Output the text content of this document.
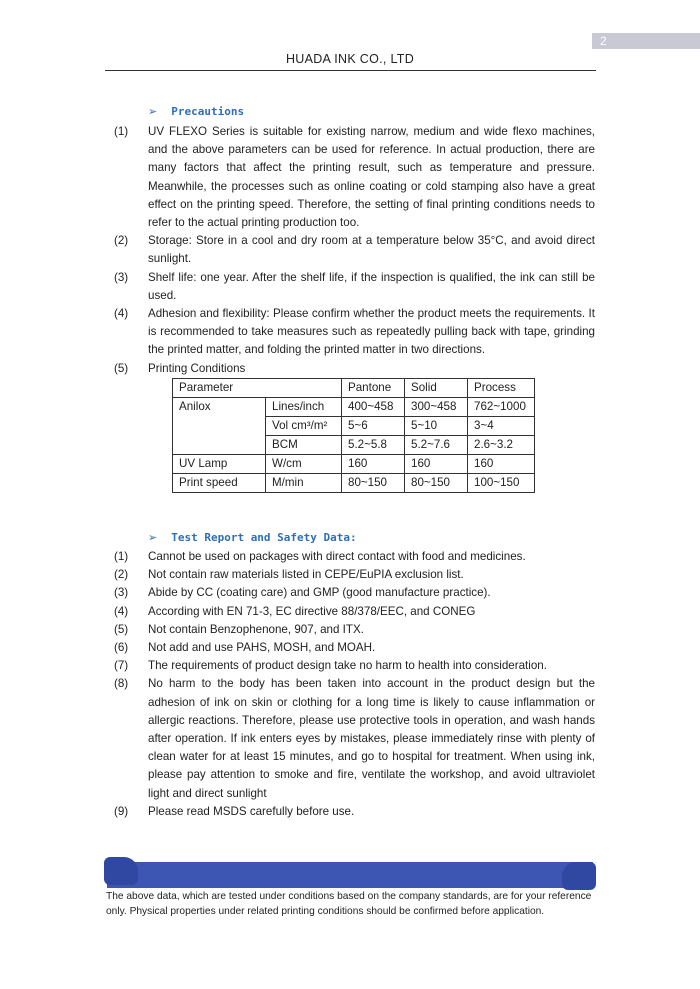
2
HUADA INK CO., LTD
➢ Precautions
(1) UV FLEXO Series is suitable for existing narrow, medium and wide flexo machines, and the above parameters can be used for reference. In actual production, there are many factors that affect the printing result, such as temperature and pressure. Meanwhile, the processes such as online coating or cold stamping also have a great effect on the printing speed. Therefore, the setting of final printing conditions needs to refer to the actual printing production too.
(2) Storage: Store in a cool and dry room at a temperature below 35°C, and avoid direct sunlight.
(3) Shelf life: one year. After the shelf life, if the inspection is qualified, the ink can still be used.
(4) Adhesion and flexibility: Please confirm whether the product meets the requirements. It is recommended to take measures such as repeatedly pulling back with tape, grinding the printed matter, and folding the printed matter in two directions.
(5) Printing Conditions
Parameter		Pantone	Solid	Process
Anilox	Lines/inch	400~458	300~458	762~1000
	Vol cm³/m²	5~6	5~10	3~4
	BCM	5.2~5.8	5.2~7.6	2.6~3.2
UV Lamp	W/cm	160	160	160
Print speed	M/min	80~150	80~150	100~150
➢ Test Report and Safety Data:
(1) Cannot be used on packages with direct contact with food and medicines.
(2) Not contain raw materials listed in CEPE/EuPIA exclusion list.
(3) Abide by CC (coating care) and GMP (good manufacture practice).
(4) According with EN 71-3, EC directive 88/378/EEC, and CONEG
(5) Not contain Benzophenone, 907, and ITX.
(6) Not add and use PAHS, MOSH, and MOAH.
(7) The requirements of product design take no harm to health into consideration.
(8) No harm to the body has been taken into account in the product design but the adhesion of ink on skin or clothing for a long time is likely to cause inflammation or allergic reactions. Therefore, please use protective tools in operation, and wash hands after operation. If ink enters eyes by mistakes, please immediately rinse with plenty of clean water for at least 15 minutes, and go to hospital for treatment. When using ink, please pay attention to smoke and fire, ventilate the workshop, and avoid ultraviolet light and direct sunlight
(9) Please read MSDS carefully before use.
The above data, which are tested under conditions based on the company standards, are for your reference only. Physical properties under related printing conditions should be confirmed before application.
